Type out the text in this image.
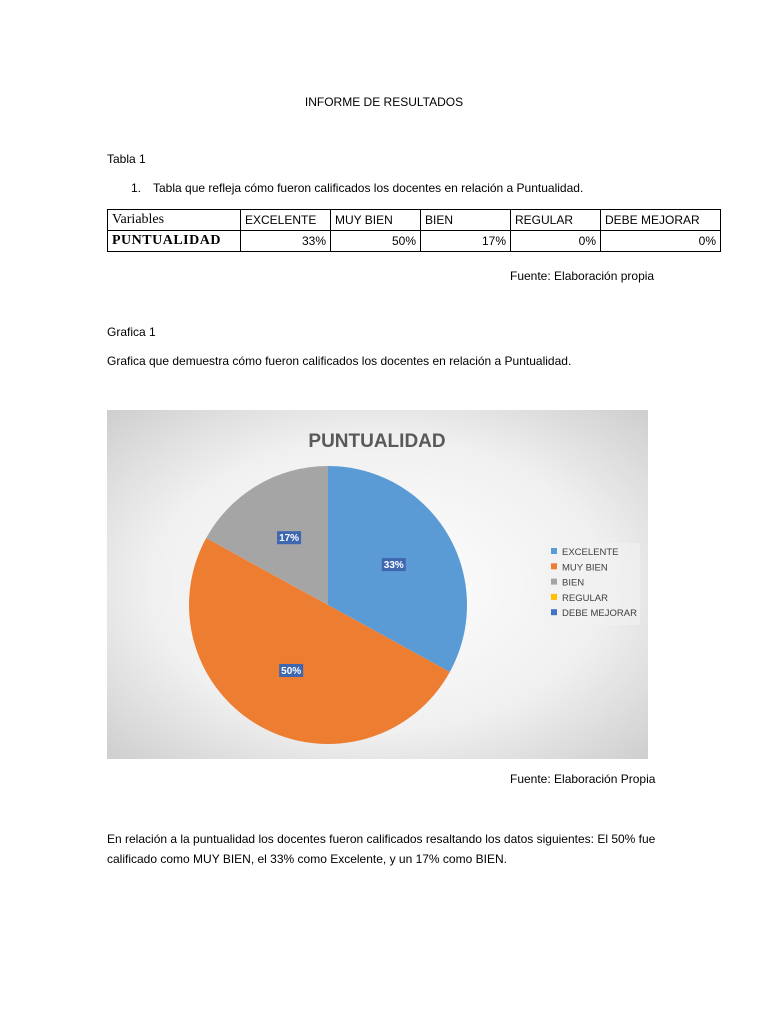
INFORME DE RESULTADOS
Tabla 1
1. Tabla que refleja cómo fueron calificados los docentes en relación a Puntualidad.
Variables	EXCELENTE	MUY BIEN	BIEN	REGULAR	DEBE MEJORAR
PUNTUALIDAD	33%	50%	17%	0%	0%
Fuente: Elaboración propia
Grafica 1
Grafica que demuestra cómo fueron calificados los docentes en relación a Puntualidad.
PUNTUALIDAD
33%
50%
17%
EXCELENTE
MUY BIEN
BIEN
REGULAR
DEBE MEJORAR
Fuente: Elaboración Propia
En relación a la puntualidad los docentes fueron calificados resaltando los datos siguientes: El 50% fue calificado como MUY BIEN, el 33% como Excelente, y un 17% como BIEN.
